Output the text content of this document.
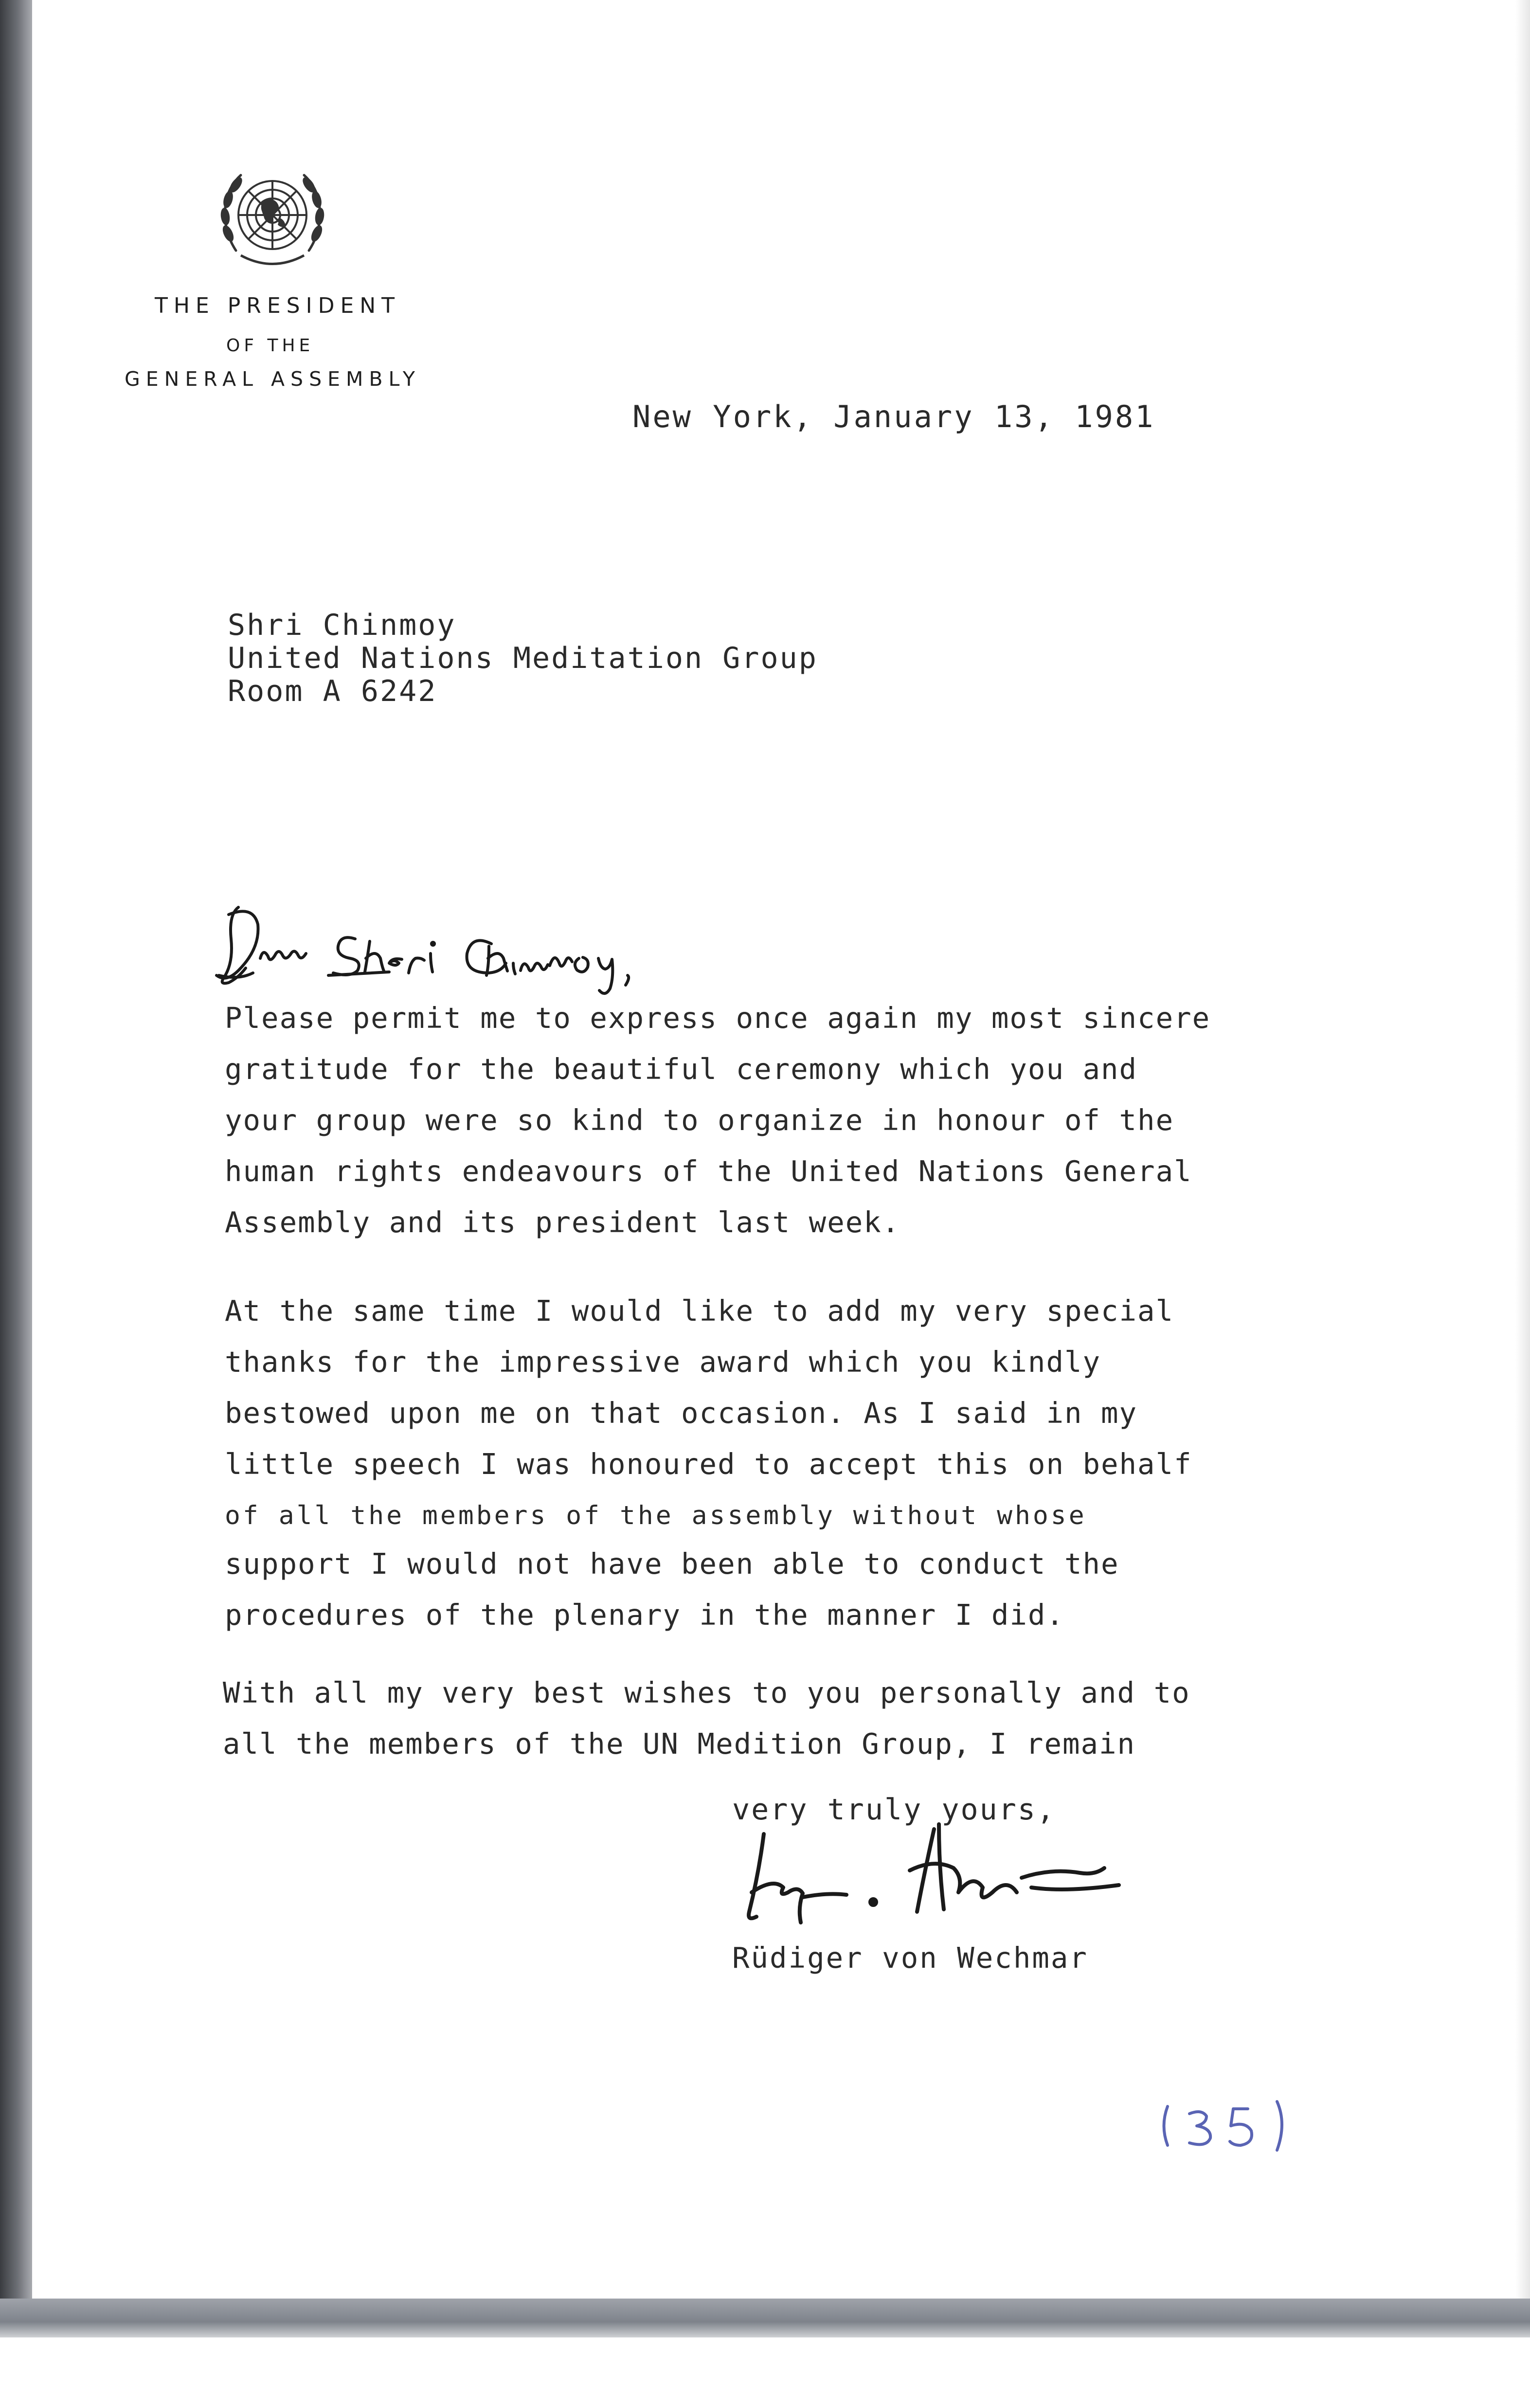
THE PRESIDENT
OF THE
GENERAL ASSEMBLY
New York, January 13, 1981
Shri Chinmoy
United Nations Meditation Group
Room A 6242
Dear Shri Chinmoy,
Please permit me to express once again my most sincere
gratitude for the beautiful ceremony which you and
your group were so kind to organize in honour of the
human rights endeavours of the United Nations General
Assembly and its president last week.
At the same time I would like to add my very special
thanks for the impressive award which you kindly
bestowed upon me on that occasion. As I said in my
little speech I was honoured to accept this on behalf
of all the members of the assembly without whose
support I would not have been able to conduct the
procedures of the plenary in the manner I did.
With all my very best wishes to you personally and to
all the members of the UN Medition Group, I remain
very truly yours,
Rüdiger von Wechmar
(35)
